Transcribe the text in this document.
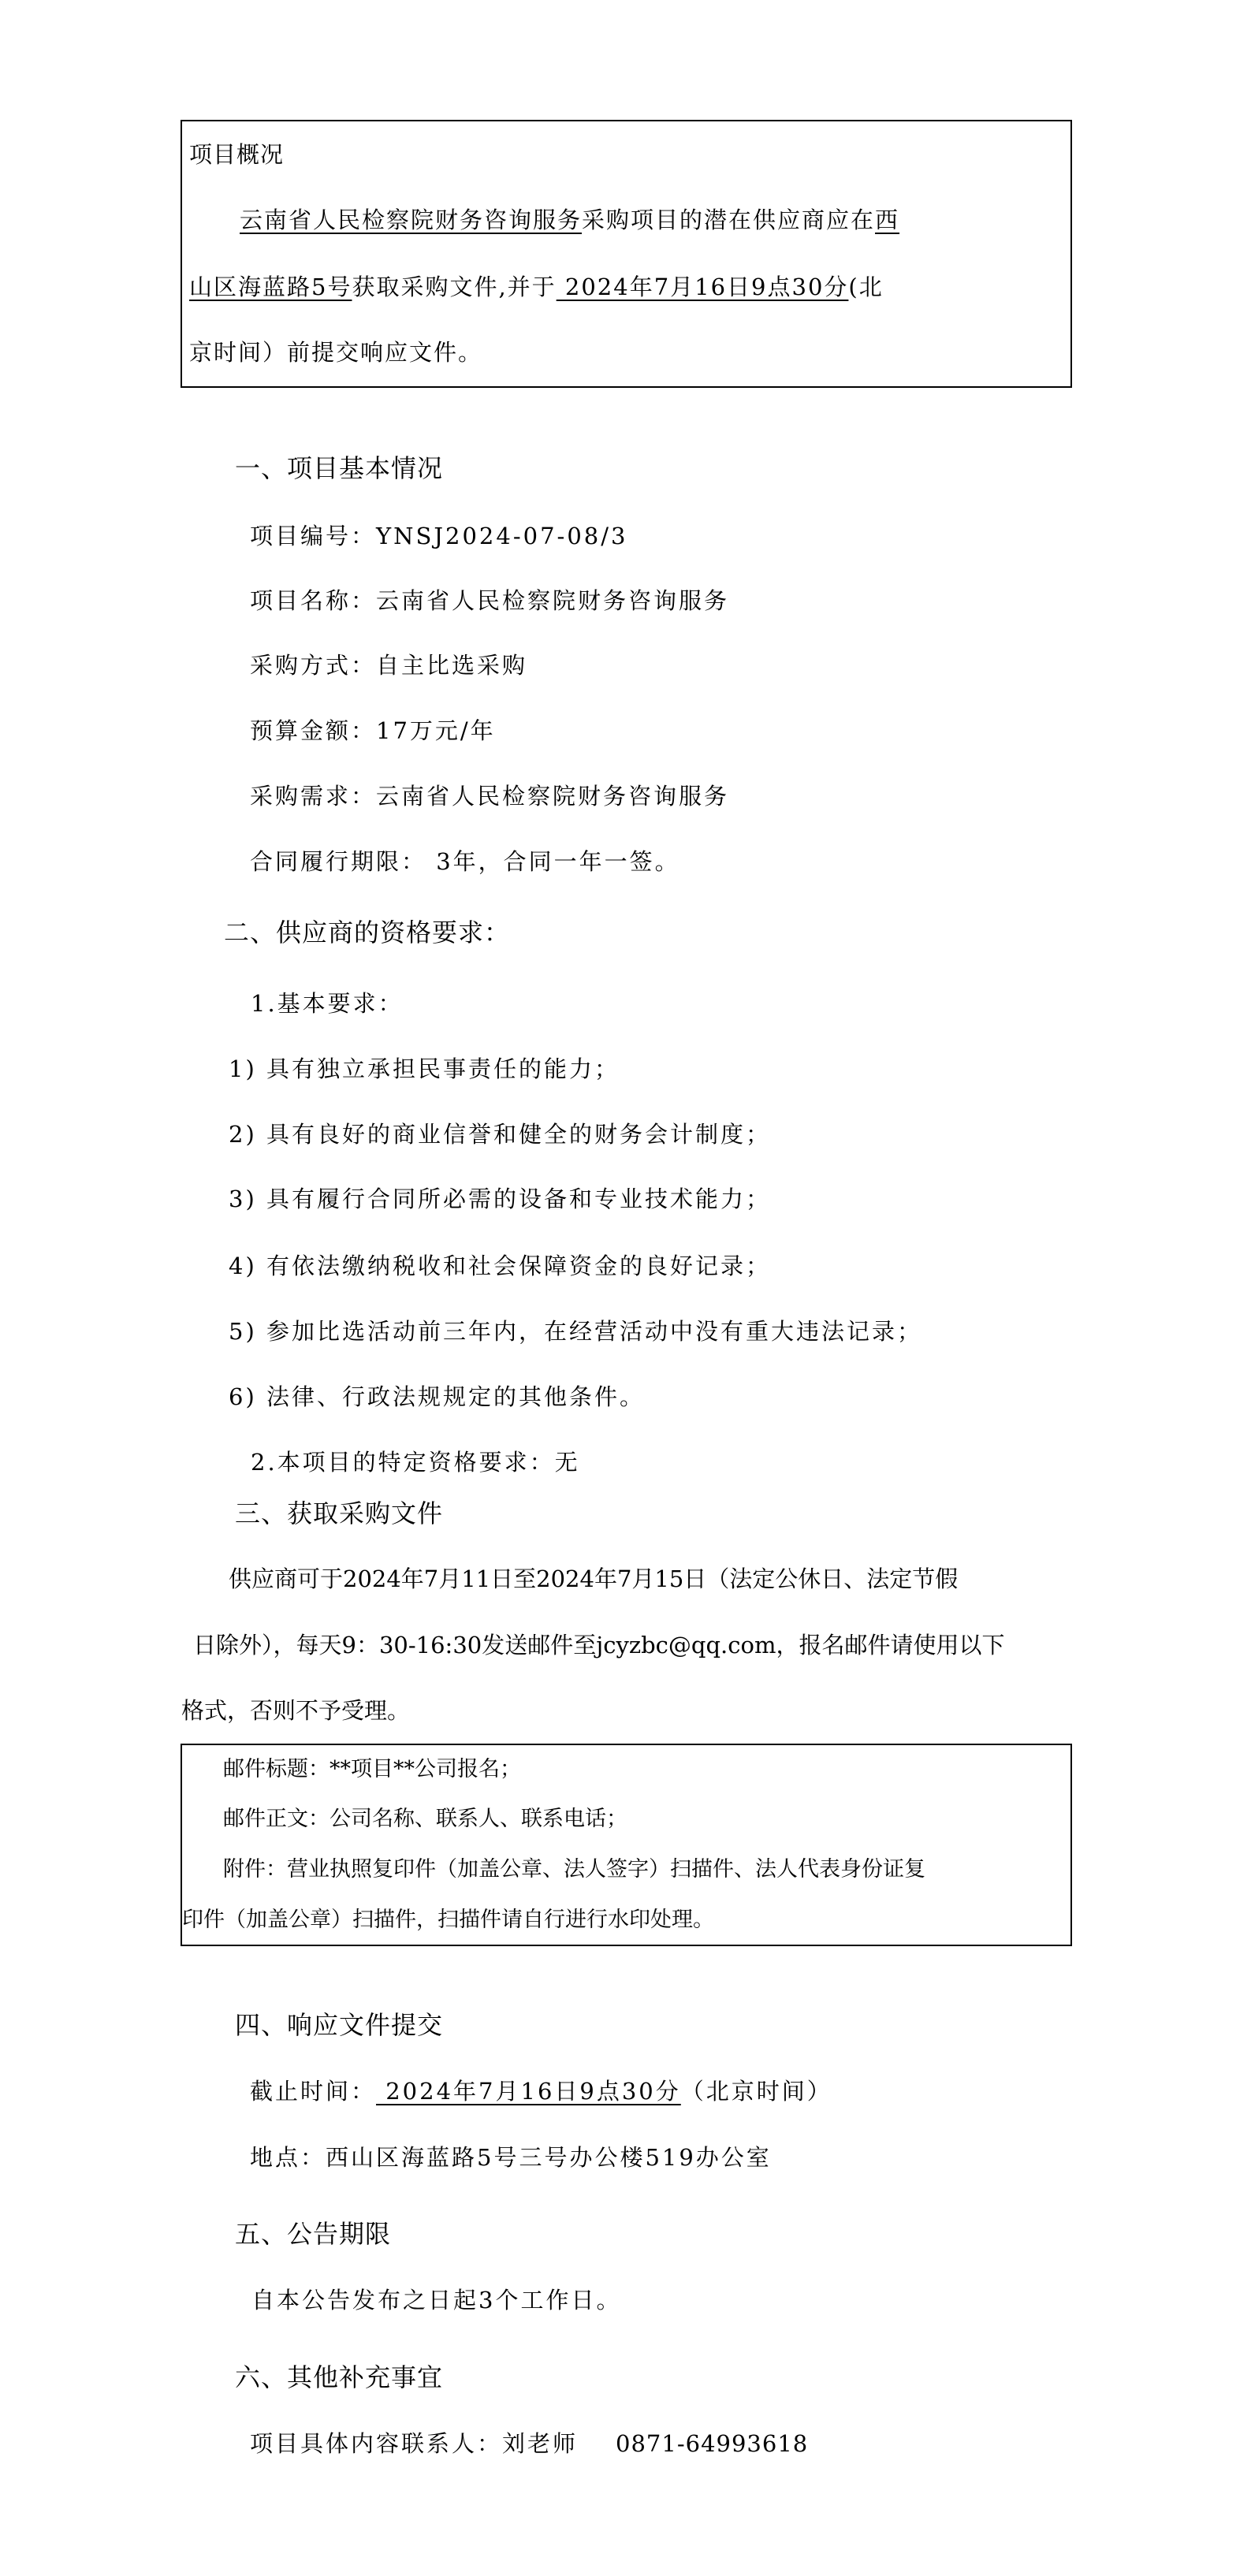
项目概况
云南省人民检察院财务咨询服务采购项目的潜在供应商应在西
山区海蓝路5号获取采购文件,并于 2024年7月16日9点30分(北
京时间）前提交响应文件。
一、项目基本情况
项目编号：YNSJ2024-07-08/3
项目名称：云南省人民检察院财务咨询服务
采购方式：自主比选采购
预算金额：17万元/年
采购需求：云南省人民检察院财务咨询服务
合同履行期限： 3年，合同一年一签。
二、供应商的资格要求：
1.基本要求：
1) 具有独立承担民事责任的能力；
2) 具有良好的商业信誉和健全的财务会计制度；
3) 具有履行合同所必需的设备和专业技术能力；
4) 有依法缴纳税收和社会保障资金的良好记录；
5) 参加比选活动前三年内，在经营活动中没有重大违法记录；
6) 法律、行政法规规定的其他条件。
2.本项目的特定资格要求：无
三、获取采购文件
供应商可于2024年7月11日至2024年7月15日（法定公休日、法定节假
日除外），每天9：30-16:30发送邮件至jcyzbc@qq.com，报名邮件请使用以下
格式，否则不予受理。
邮件标题：**项目**公司报名；
邮件正文：公司名称、联系人、联系电话；
附件：营业执照复印件（加盖公章、法人签字）扫描件、法人代表身份证复
印件（加盖公章）扫描件，扫描件请自行进行水印处理。
四、响应文件提交
截止时间： 2024年7月16日9点30分（北京时间）
地点：西山区海蓝路5号三号办公楼519办公室
五、公告期限
自本公告发布之日起3个工作日。
六、其他补充事宜
项目具体内容联系人：刘老师 0871-64993618
